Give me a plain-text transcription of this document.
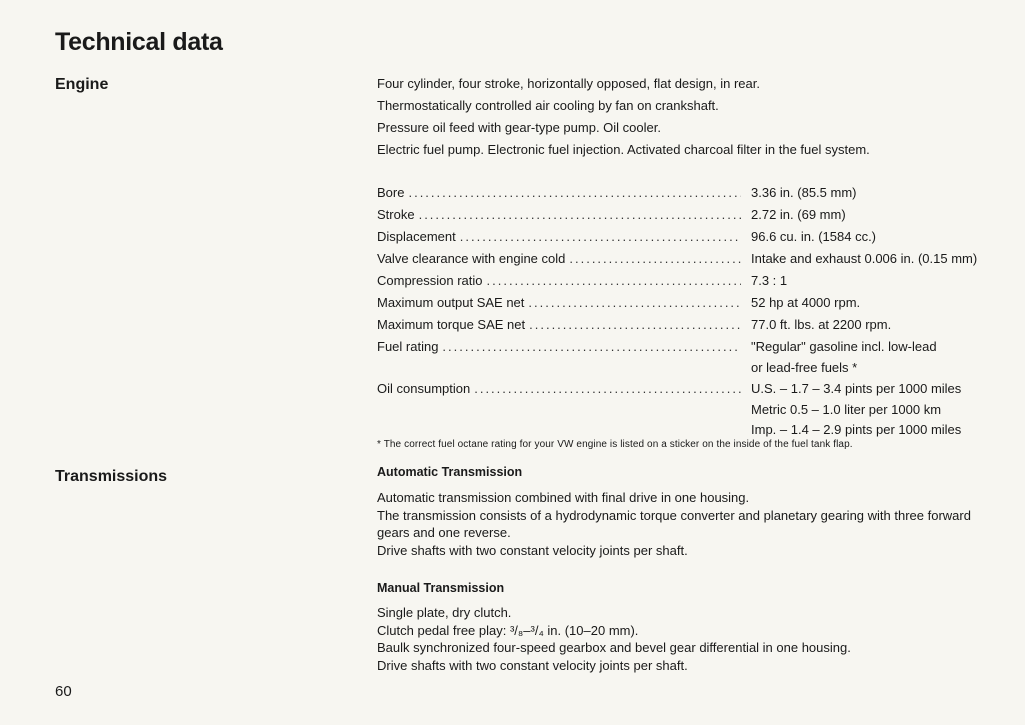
Technical data
Engine	Four cylinder, four stroke, horizontally opposed, flat design, in rear.
Thermostatically controlled air cooling by fan on crankshaft.
Pressure oil feed with gear-type pump. Oil cooler.
Electric fuel pump. Electronic fuel injection. Activated charcoal filter in the fuel system.
Bore .....	3.36 in. (85.5 mm)
Stroke .....	2.72 in. (69 mm)
Displacement .....	96.6 cu. in. (1584 cc.)
Valve clearance with engine cold .....	Intake and exhaust 0.006 in. (0.15 mm)
Compression ratio .....	7.3 : 1
Maximum output SAE net .....	52 hp at 4000 rpm.
Maximum torque SAE net .....	77.0 ft. lbs. at 2200 rpm.
Fuel rating .....	"Regular" gasoline incl. low-lead
or lead-free fuels *
Oil consumption .....	U.S. – 1.7 – 3.4 pints per 1000 miles
Metric 0.5 – 1.0 liter per 1000 km
Imp. – 1.4 – 2.9 pints per 1000 miles
* The correct fuel octane rating for your VW engine is listed on a sticker on the inside of the fuel tank flap.
Transmissions	Automatic Transmission
Automatic transmission combined with final drive in one housing.
The transmission consists of a hydrodynamic torque converter and planetary gearing with three forward gears and one reverse.
Drive shafts with two constant velocity joints per shaft.
Manual Transmission
Single plate, dry clutch.
Clutch pedal free play: ³/₈–³/₄ in. (10–20 mm).
Baulk synchronized four-speed gearbox and bevel gear differential in one housing.
Drive shafts with two constant velocity joints per shaft.
60
